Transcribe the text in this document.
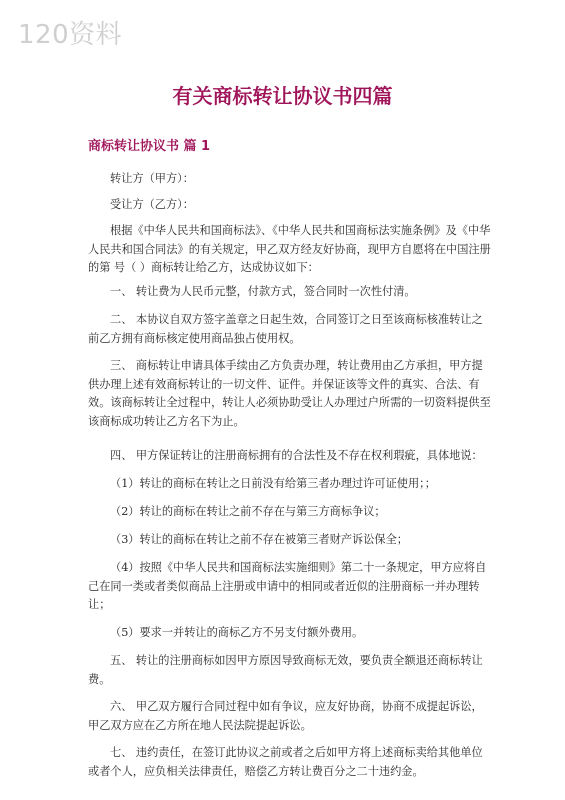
120资料
有关商标转让协议书四篇
商标转让协议书 篇 1

转让方（甲方）：

受让方（乙方）：

根据《中华人民共和国商标法》、《中华人民共和国商标法实施条例》及《中华人民共和国合同法》的有关规定，甲乙双方经友好协商，现甲方自愿将在中国注册的第 号（ ）商标转让给乙方，达成协议如下：

一、 转让费为人民币元整，付款方式，签合同时一次性付清。

二、 本协议自双方签字盖章之日起生效，合同签订之日至该商标核准转让之前乙方拥有商标核定使用商品独占使用权。

三、 商标转让申请具体手续由乙方负责办理，转让费用由乙方承担，甲方提供办理上述有效商标转让的一切文件、证件。并保证该等文件的真实、合法、有效。该商标转让全过程中，转让人必须协助受让人办理过户所需的一切资料提供至该商标成功转让乙方名下为止。

四、 甲方保证转让的注册商标拥有的合法性及不存在权利瑕疵，具体地说：

（1）转让的商标在转让之日前没有给第三者办理过许可证使用；；

（2）转让的商标在转让之前不存在与第三方商标争议；

（3）转让的商标在转让之前不存在被第三者财产诉讼保全；

（4）按照《中华人民共和国商标法实施细则》第二十一条规定，甲方应将自己在同一类或者类似商品上注册或申请中的相同或者近似的注册商标一并办理转让；

（5）要求一并转让的商标乙方不另支付额外费用。

五、 转让的注册商标如因甲方原因导致商标无效，要负责全额退还商标转让费。

六、 甲乙双方履行合同过程中如有争议，应友好协商，协商不成提起诉讼，甲乙双方应在乙方所在地人民法院提起诉讼。

七、 违约责任，在签订此协议之前或者之后如甲方将上述商标卖给其他单位或者个人，应负相关法律责任，赔偿乙方转让费百分之二十违约金。
